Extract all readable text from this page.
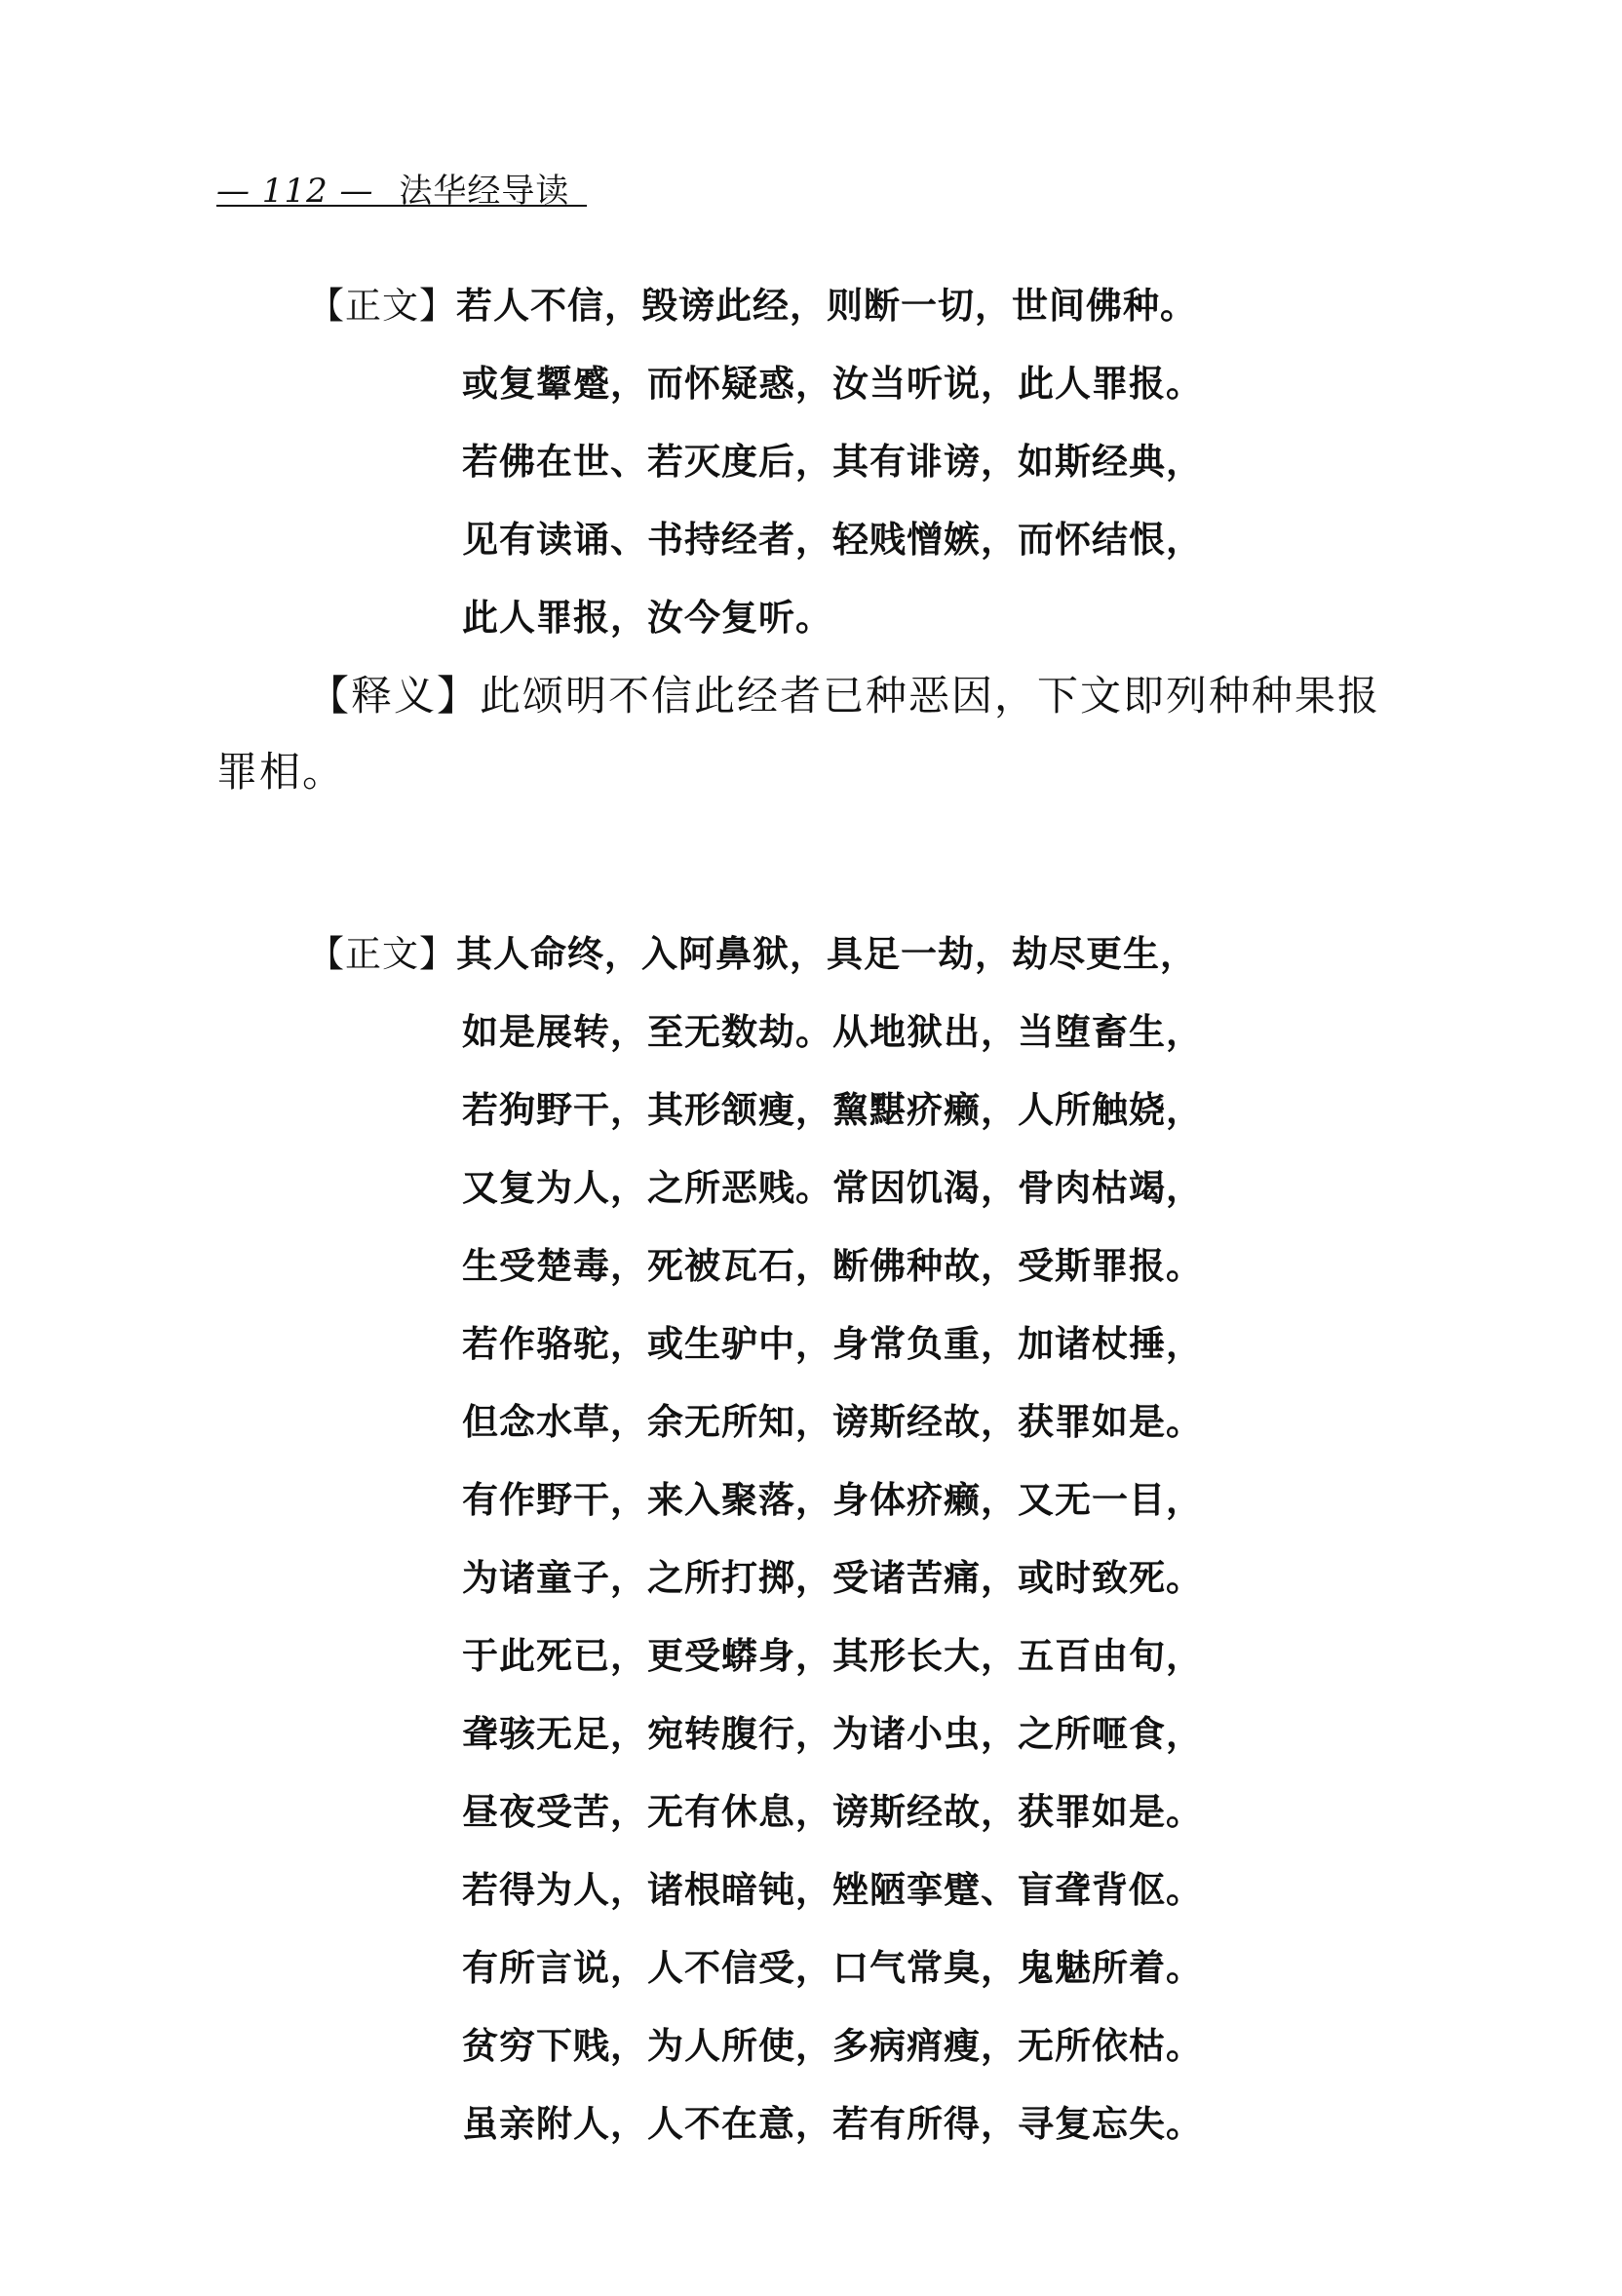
— 112 — 法华经导读
【正文】若人不信，毁谤此经，则断一切，世间佛种。
或复颦蹙，而怀疑惑，汝当听说，此人罪报。
若佛在世、若灭度后，其有诽谤，如斯经典，
见有读诵、书持经者，轻贱憎嫉，而怀结恨，
此人罪报，汝今复听。
【释义】此颂明不信此经者已种恶因，下文即列种种果报罪相。
【正文】其人命终，入阿鼻狱，具足一劫，劫尽更生，
如是展转，至无数劫。从地狱出，当堕畜生，
若狗野干，其形颔瘦，黧黮疥癞，人所触娆，
又复为人，之所恶贱。常因饥渴，骨肉枯竭，
生受楚毒，死被瓦石，断佛种故，受斯罪报。
若作骆驼，或生驴中，身常负重，加诸杖捶，
但念水草，余无所知，谤斯经故，获罪如是。
有作野干，来入聚落，身体疥癞，又无一目，
为诸童子，之所打掷，受诸苦痛，或时致死。
于此死已，更受蟒身，其形长大，五百由旬，
聋骇无足，宛转腹行，为诸小虫，之所咂食，
昼夜受苦，无有休息，谤斯经故，获罪如是。
若得为人，诸根暗钝，矬陋挛躄、盲聋背伛。
有所言说，人不信受，口气常臭，鬼魅所着。
贫穷下贱，为人所使，多病痟瘦，无所依枯。
虽亲附人，人不在意，若有所得，寻复忘失。
